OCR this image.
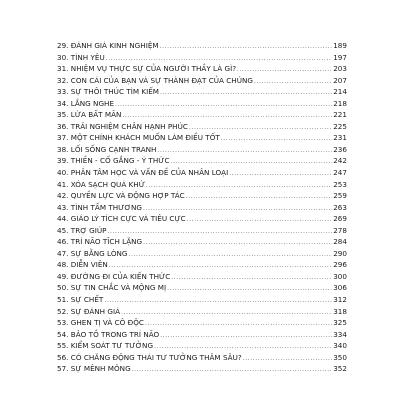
29. ĐÁNH GIÁ KINH NGHIỆM .....	189
30. TÌNH YÊU .....	197
31. NHIỆM VỤ THỰC SỰ CỦA NGƯỜI THẦY LÀ GÌ? .....	203
32. CON CÁI CỦA BẠN VÀ SỰ THÀNH ĐẠT CỦA CHÚNG .....	207
33. SỰ THÔI THÚC TÌM KIẾM .....	214
34. LẮNG NGHE .....	218
35. LỪA BẤT MÃN .....	221
36. TRẢI NGHIỆM CHÂN HẠNH PHÚC .....	225
37. MỘT CHÍNH KHÁCH MUỐN LÀM ĐIỀU TỐT .....	231
38. LỐI SỐNG CẠNH TRANH .....	236
39. THIỀN - CỐ GẮNG - Ý THỨC .....	242
40. PHÂN TÂM HỌC VÀ VẤN ĐỀ CỦA NHÂN LOẠI .....	247
41. XÓA SẠCH QUÁ KHỨ .....	253
42. QUYỀN LỰC VÀ ĐỘNG HỢP TÁC .....	259
43. TÌNH TẤM THƯƠNG .....	263
44. GIÁO LÝ TÍCH CỰC VÀ TIÊU CỰC .....	269
45. TRỢ GIÚP .....	278
46. TRÍ NÃO TĨCH LẶNG .....	284
47. SỰ BẰNG LÒNG .....	290
48. DIỄN VIÊN .....	296
49. ĐƯỜNG ĐI CỦA KIẾN THỨC .....	300
50. SỰ TIN CHẮC VÀ MỘNG MỊ .....	306
51. SỰ CHẾT .....	312
52. SỰ ĐÁNH GIÁ .....	318
53. GHEN TỊ VÀ CÔ ĐỘC .....	325
54. BẢO TỒ TRONG TRÍ NÃO .....	334
55. KIỂM SOÁT TƯ TƯỞNG .....	340
56. CÓ CHĂNG ĐỘNG THÁI TƯ TƯỞNG THÂM SÂU? .....	350
57. SỰ MÊNH MÔNG .....	352
